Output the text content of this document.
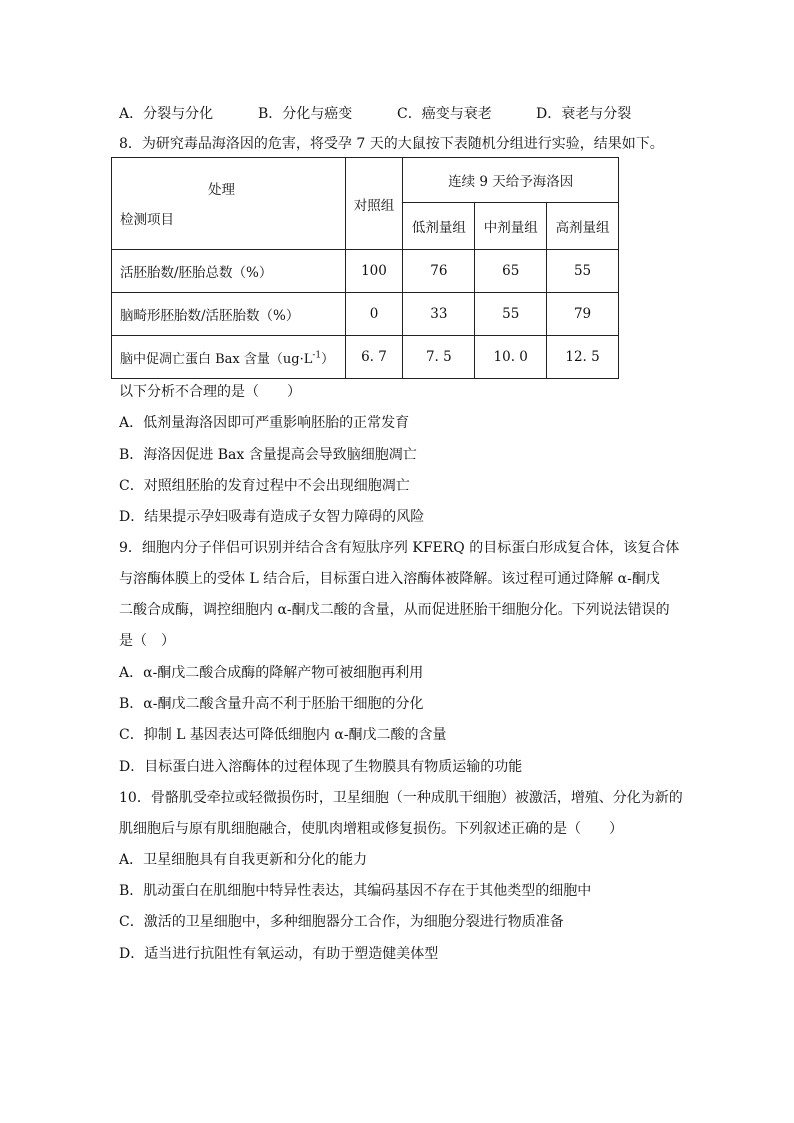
A．分裂与分化	B．分化与癌变	C．癌变与衰老	D．衰老与分裂
8．为研究毒品海洛因的危害，将受孕 7 天的大鼠按下表随机分组进行实验，结果如下。
处理
检测项目	对照组	连续 9 天给予海洛因		
		低剂量组	中剂量组	高剂量组
活胚胎数/胚胎总数（%）	100	76	65	55
脑畸形胚胎数/活胚胎数（%）	0	33	55	79
脑中促凋亡蛋白 Bax 含量$(ug\cdot L^{-1})$	6. 7	7. 5	10. 0	12. 5
以下分析不合理的是（　　）
A．低剂量海洛因即可严重影响胚胎的正常发育
B．海洛因促进 Bax 含量提高会导致脑细胞凋亡
C．对照组胚胎的发育过程中不会出现细胞凋亡
D．结果提示孕妇吸毒有造成子女智力障碍的风险
9．细胞内分子伴侣可识别并结合含有短肽序列 KFERQ 的目标蛋白形成复合体，该复合体
与溶酶体膜上的受体 L 结合后，目标蛋白进入溶酶体被降解。该过程可通过降解 α-酮戊
二酸合成酶，调控细胞内 α-酮戊二酸的含量，从而促进胚胎干细胞分化。下列说法错误的
是（　）
A．α-酮戊二酸合成酶的降解产物可被细胞再利用
B．α-酮戊二酸含量升高不利于胚胎干细胞的分化
C．抑制 L 基因表达可降低细胞内 α-酮戊二酸的含量
D．目标蛋白进入溶酶体的过程体现了生物膜具有物质运输的功能
10．骨骼肌受牵拉或轻微损伤时，卫星细胞（一种成肌干细胞）被激活，增殖、分化为新的
肌细胞后与原有肌细胞融合，使肌肉增粗或修复损伤。下列叙述正确的是（　　）
A．卫星细胞具有自我更新和分化的能力
B．肌动蛋白在肌细胞中特异性表达，其编码基因不存在于其他类型的细胞中
C．激活的卫星细胞中，多种细胞器分工合作，为细胞分裂进行物质准备
D．适当进行抗阻性有氧运动，有助于塑造健美体型
